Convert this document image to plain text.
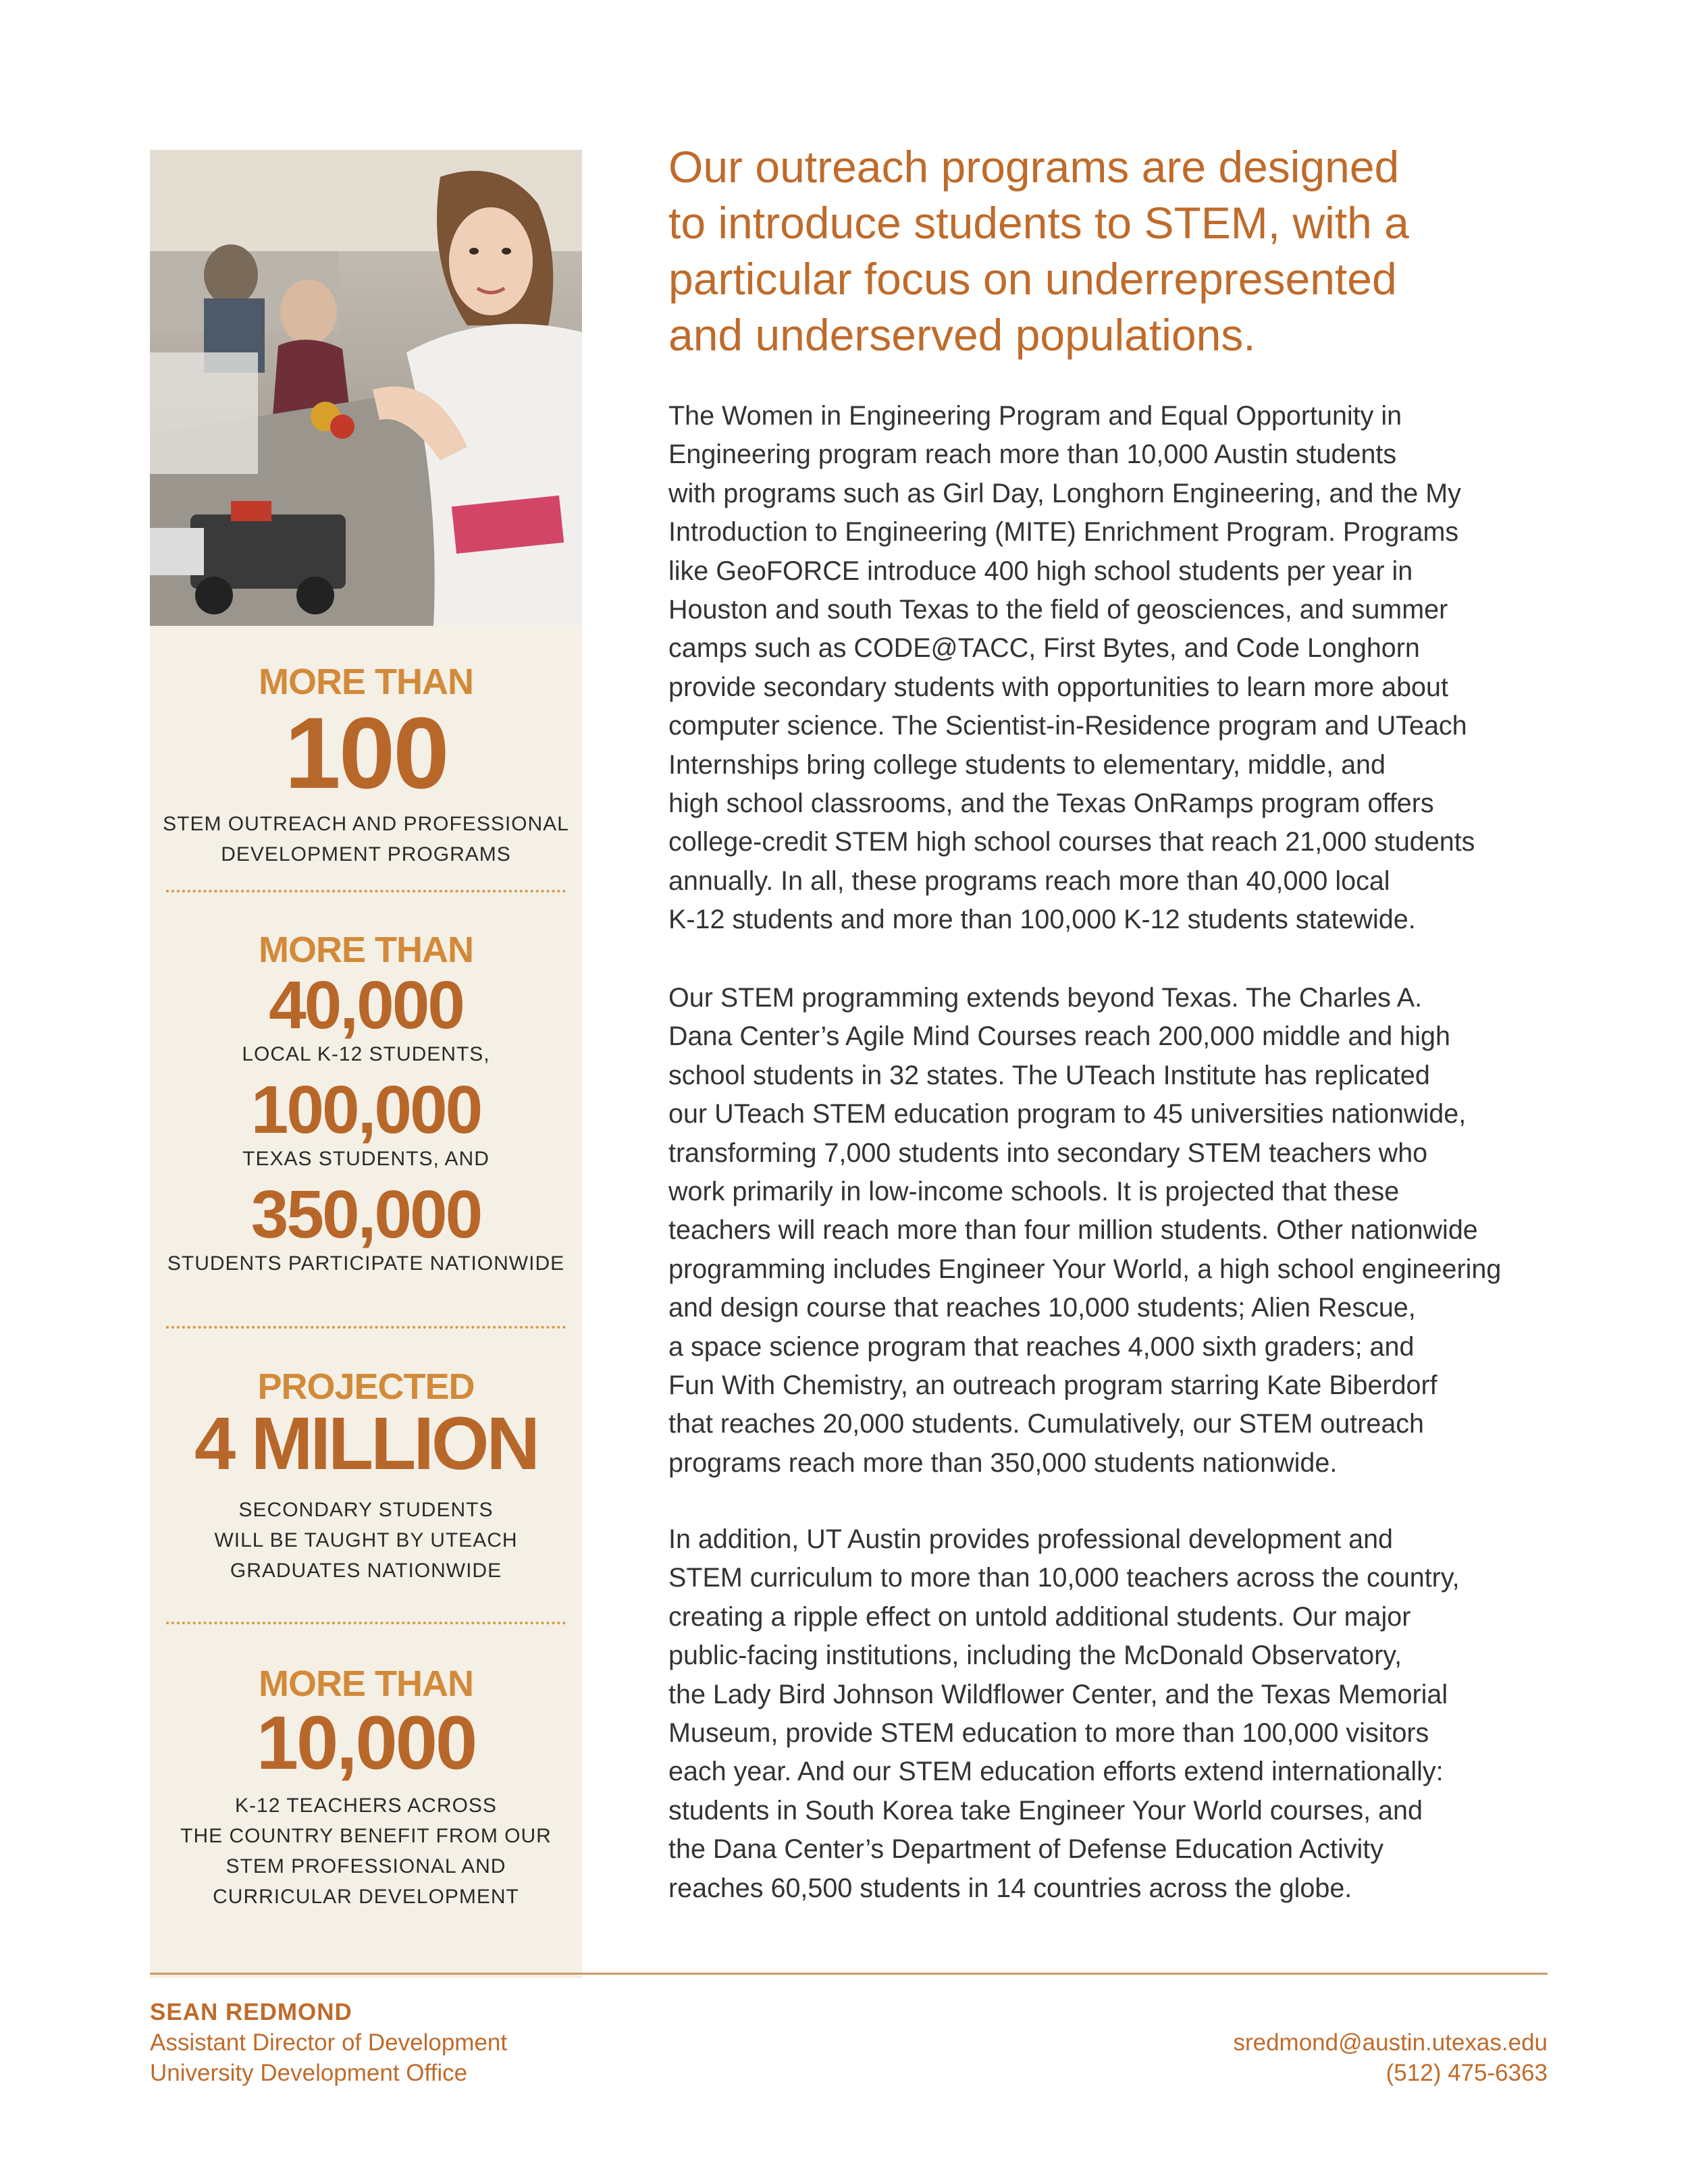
MORE THAN
100
STEM OUTREACH AND PROFESSIONAL
DEVELOPMENT PROGRAMS
MORE THAN
40,000
LOCAL K-12 STUDENTS,
100,000
TEXAS STUDENTS, AND
350,000
STUDENTS PARTICIPATE NATIONWIDE
PROJECTED
4 MILLION
SECONDARY STUDENTS
WILL BE TAUGHT BY UTEACH
GRADUATES NATIONWIDE
MORE THAN
10,000
K-12 TEACHERS ACROSS
THE COUNTRY BENEFIT FROM OUR
STEM PROFESSIONAL AND
CURRICULAR DEVELOPMENT
Our outreach programs are designed
to introduce students to STEM, with a
particular focus on underrepresented
and underserved populations.
The Women in Engineering Program and Equal Opportunity in
Engineering program reach more than 10,000 Austin students
with programs such as Girl Day, Longhorn Engineering, and the My
Introduction to Engineering (MITE) Enrichment Program. Programs
like GeoFORCE introduce 400 high school students per year in
Houston and south Texas to the field of geosciences, and summer
camps such as CODE@TACC, First Bytes, and Code Longhorn
provide secondary students with opportunities to learn more about
computer science. The Scientist-in-Residence program and UTeach
Internships bring college students to elementary, middle, and
high school classrooms, and the Texas OnRamps program offers
college-credit STEM high school courses that reach 21,000 students
annually. In all, these programs reach more than 40,000 local
K-12 students and more than 100,000 K-12 students statewide.
Our STEM programming extends beyond Texas. The Charles A.
Dana Center’s Agile Mind Courses reach 200,000 middle and high
school students in 32 states. The UTeach Institute has replicated
our UTeach STEM education program to 45 universities nationwide,
transforming 7,000 students into secondary STEM teachers who
work primarily in low-income schools. It is projected that these
teachers will reach more than four million students. Other nationwide
programming includes Engineer Your World, a high school engineering
and design course that reaches 10,000 students; Alien Rescue,
a space science program that reaches 4,000 sixth graders; and
Fun With Chemistry, an outreach program starring Kate Biberdorf
that reaches 20,000 students. Cumulatively, our STEM outreach
programs reach more than 350,000 students nationwide.
In addition, UT Austin provides professional development and
STEM curriculum to more than 10,000 teachers across the country,
creating a ripple effect on untold additional students. Our major
public-facing institutions, including the McDonald Observatory,
the Lady Bird Johnson Wildflower Center, and the Texas Memorial
Museum, provide STEM education to more than 100,000 visitors
each year. And our STEM education efforts extend internationally:
students in South Korea take Engineer Your World courses, and
the Dana Center’s Department of Defense Education Activity
reaches 60,500 students in 14 countries across the globe.
SEAN REDMOND
Assistant Director of Development
University Development Office
sredmond@austin.utexas.edu
(512) 475-6363
